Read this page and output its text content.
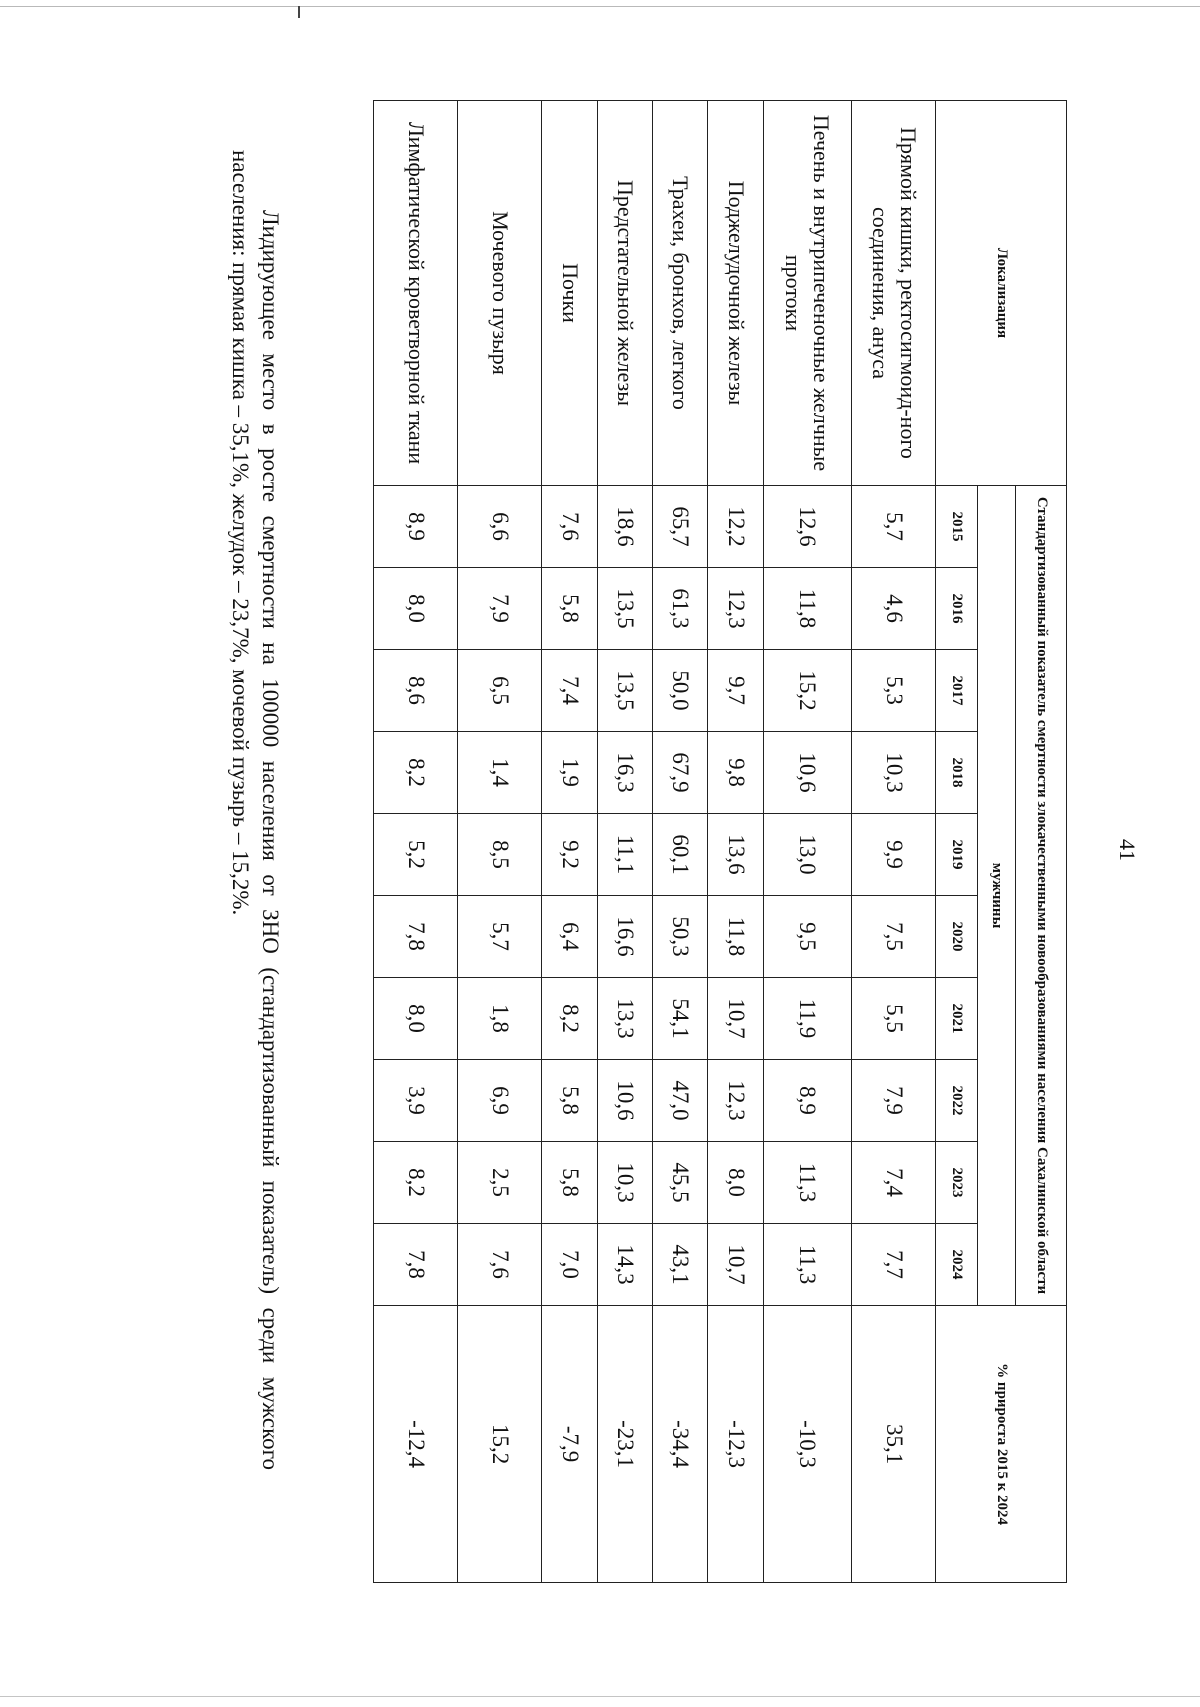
41
Локализация	Стандартизованный показатель смертности злокачественными новообразованиями населения Сахалинской области										% прироста 2015 к 2024
	мужчины										
	2015	2016	2017	2018	2019	2020	2021	2022	2023	2024	
Прямой кишки, ректосигмоид-ного соединения, ануса	5,7	4,6	5,3	10,3	9,9	7,5	5,5	7,9	7,4	7,7	35,1
Печень и внутрипеченочные желчные протоки	12,6	11,8	15,2	10,6	13,0	9,5	11,9	8,9	11,3	11,3	-10,3
Поджелудочной железы	12,2	12,3	9,7	9,8	13,6	11,8	10,7	12,3	8,0	10,7	-12,3
Трахеи, бронхов, легкого	65,7	61,3	50,0	67,9	60,1	50,3	54,1	47,0	45,5	43,1	-34,4
Предстательной железы	18,6	13,5	13,5	16,3	11,1	16,6	13,3	10,6	10,3	14,3	-23,1
Почки	7,6	5,8	7,4	1,9	9,2	6,4	8,2	5,8	5,8	7,0	-7,9
Мочевого пузыря	6,6	7,9	6,5	1,4	8,5	5,7	1,8	6,9	2,5	7,6	15,2
Лимфатической кроветворной ткани	8,9	8,0	8,6	8,2	5,2	7,8	8,0	3,9	8,2	7,8	-12,4
Лидирующее место в росте смертности на 100000 населения от ЗНО (стандартизованный показатель) среди мужского населения: прямая кишка – 35,1%, желудок – 23,7%, мочевой пузырь – 15,2%.
